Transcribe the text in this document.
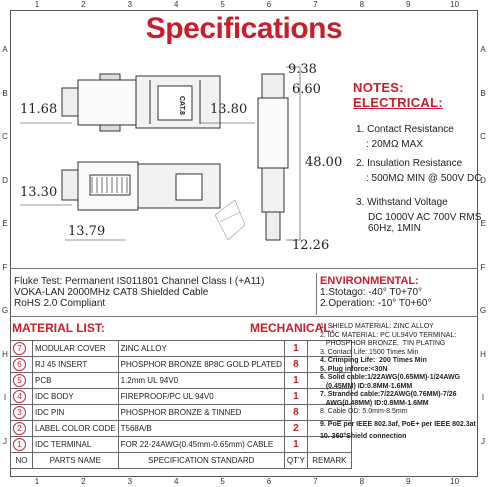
1	2	3	4	5	6	7	8	9	10
1	2	3	4	5	6	7	8	9	10
A
B
C
D
E
F
G
H
I
J
A
B
C
D
E
F
G
H
I
J
Specifications
CAT.8
11.68	13.80
13.30
13.79
9.38
6.60
48.00
12.26
NOTES:
ELECTRICAL:
1. Contact Resistance
: 20MΩ MAX
2. Insulation Resistance
: 500MΩ MIN @ 500V DC
3. Withstand Voltage
DC 1000V AC 700V RMS
60Hz, 1MIN
Fluke Test: Permanent IS011801 Channel Class I (+A11)
VOKA-LAN 2000MHz CAT8 Shielded Cable
RoHS 2.0 Compliant
ENVIRONMENTAL:
1.Stotago: -40° T0+70°
2.Operation: -10° T0+60°
MATERIAL LIST:	MECHANICAL:
7	MODULAR COVER	ZINC ALLOY	1	
6	RJ 45 INSERT	PHOSPHOR BRONZE 8P8C GOLD PLATED	8	
5	PCB	1.2mm UL 94V0	1	
4	IDC BODY	FIREPROOF/PC UL 94V0	1	
3	IDC PIN	PHOSPHOR BRONZE & TINNED	8	
2	LABEL COLOR CODE	T568A/B	2	
1	IDC TERMINAL	FOR 22-24AWG(0.45mm-0.65mm) CABLE	1	
NO	PARTS NAME	SPECIFICATION STANDARD	QT'Y	REMARK
1. SHIELD MATERIAL: ZINC ALLOY
2. IDC MATERIAL: PC UL94V0 TERMINAL:
PHOSPHOR BRONZE,  TIN PLATING
3. Contact Life: 1500 Times Min
4. Crimping Life:  200 Times Min
5. Plug inforce:<30N
6. Solid cable:1/22AWG(0.65MM)-1/24AWG
(0.45MM) ID:0.8MM-1.6MM
7. Stranded cable:7/22AWG(0.76MM)-7/26
AWG(0.48MM) ID:0.8MM-1.6MM
8. Cable OD: 5.0mm-8.5mm
9. PoE per IEEE 802.3af, PoE+ per IEEE 802.3at
10. 360°Shield connection
